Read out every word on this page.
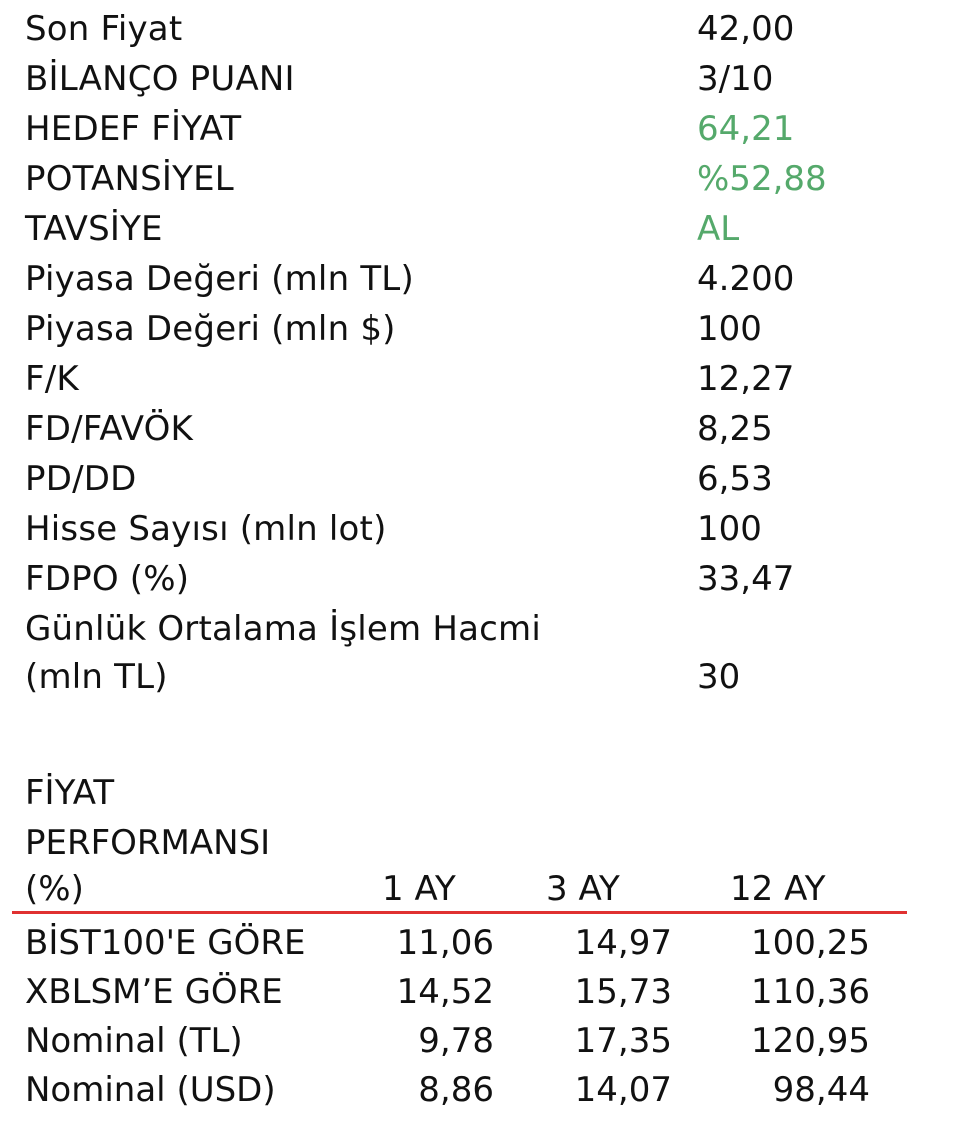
Son Fiyat	42,00
BİLANÇO PUANI	3/10
HEDEF FİYAT	64,21
POTANSİYEL	%52,88
TAVSİYE	AL
Piyasa Değeri (mln TL)	4.200
Piyasa Değeri (mln $)	100
F/K	12,27
FD/FAVÖK	8,25
PD/DD	6,53
Hisse Sayısı (mln lot)	100
FDPO (%)	33,47
Günlük Ortalama İşlem Hacmi
(mln TL)	30
FİYAT
PERFORMANSI
(%)	1 AY	3 AY	12 AY
BİST100'E GÖRE	11,06	14,97	100,25
XBLSM’E GÖRE	14,52	15,73	110,36
Nominal (TL)	9,78	17,35	120,95
Nominal (USD)	8,86	14,07	98,44
